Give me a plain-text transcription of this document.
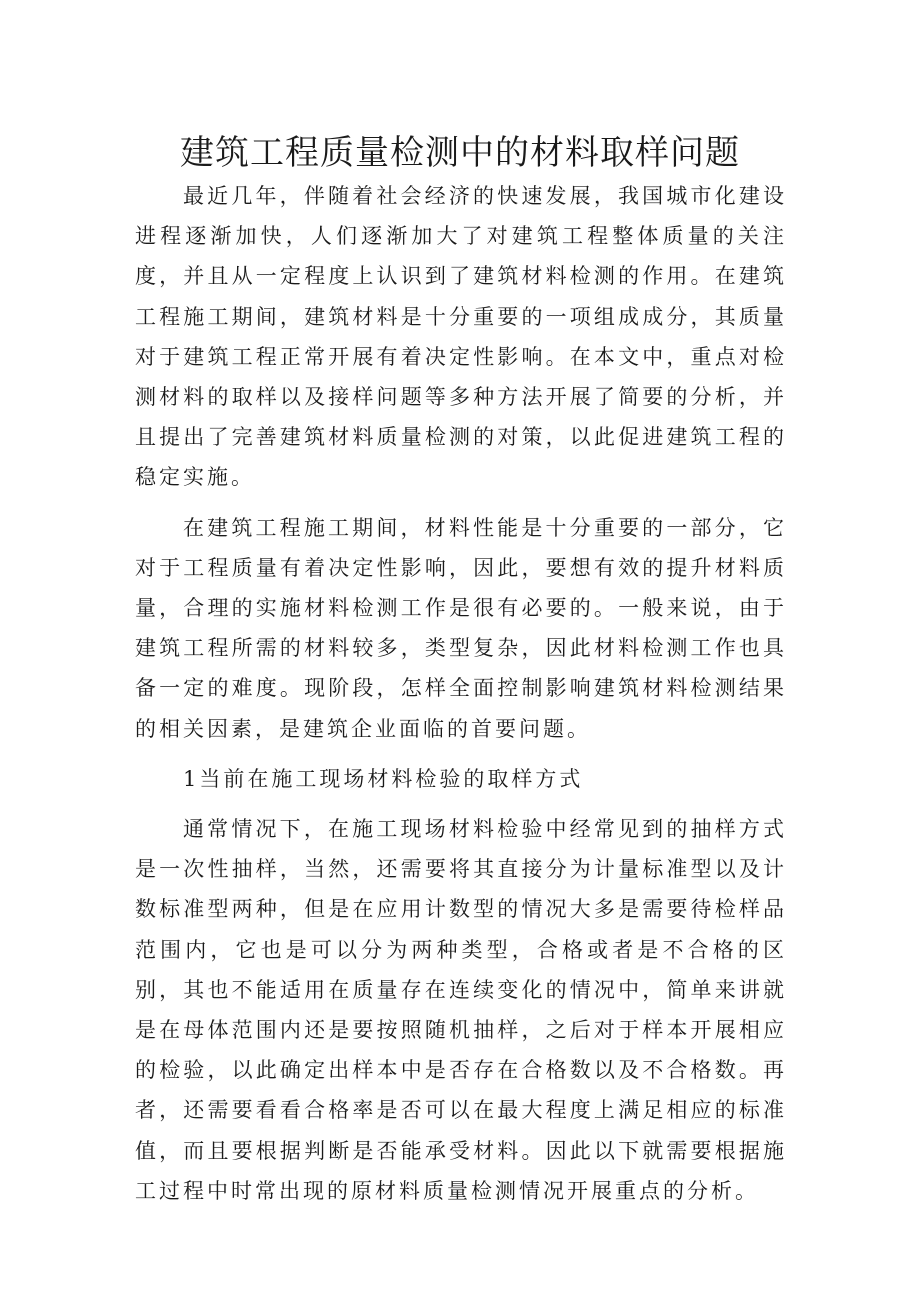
建筑工程质量检测中的材料取样问题

最近几年，伴随着社会经济的快速发展，我国城市化建设进程逐渐加快，人们逐渐加大了对建筑工程整体质量的关注度，并且从一定程度上认识到了建筑材料检测的作用。在建筑工程施工期间，建筑材料是十分重要的一项组成成分，其质量对于建筑工程正常开展有着决定性影响。在本文中，重点对检测材料的取样以及接样问题等多种方法开展了简要的分析，并且提出了完善建筑材料质量检测的对策，以此促进建筑工程的稳定实施。

在建筑工程施工期间，材料性能是十分重要的一部分，它对于工程质量有着决定性影响，因此，要想有效的提升材料质量，合理的实施材料检测工作是很有必要的。一般来说，由于建筑工程所需的材料较多，类型复杂，因此材料检测工作也具备一定的难度。现阶段，怎样全面控制影响建筑材料检测结果的相关因素，是建筑企业面临的首要问题。

1当前在施工现场材料检验的取样方式

通常情况下，在施工现场材料检验中经常见到的抽样方式是一次性抽样，当然，还需要将其直接分为计量标准型以及计数标准型两种，但是在应用计数型的情况大多是需要待检样品范围内，它也是可以分为两种类型，合格或者是不合格的区别，其也不能适用在质量存在连续变化的情况中，简单来讲就是在母体范围内还是要按照随机抽样，之后对于样本开展相应的检验，以此确定出样本中是否存在合格数以及不合格数。再者，还需要看看合格率是否可以在最大程度上满足相应的标准值，而且要根据判断是否能承受材料。因此以下就需要根据施工过程中时常出现的原材料质量检测情况开展重点的分析。
